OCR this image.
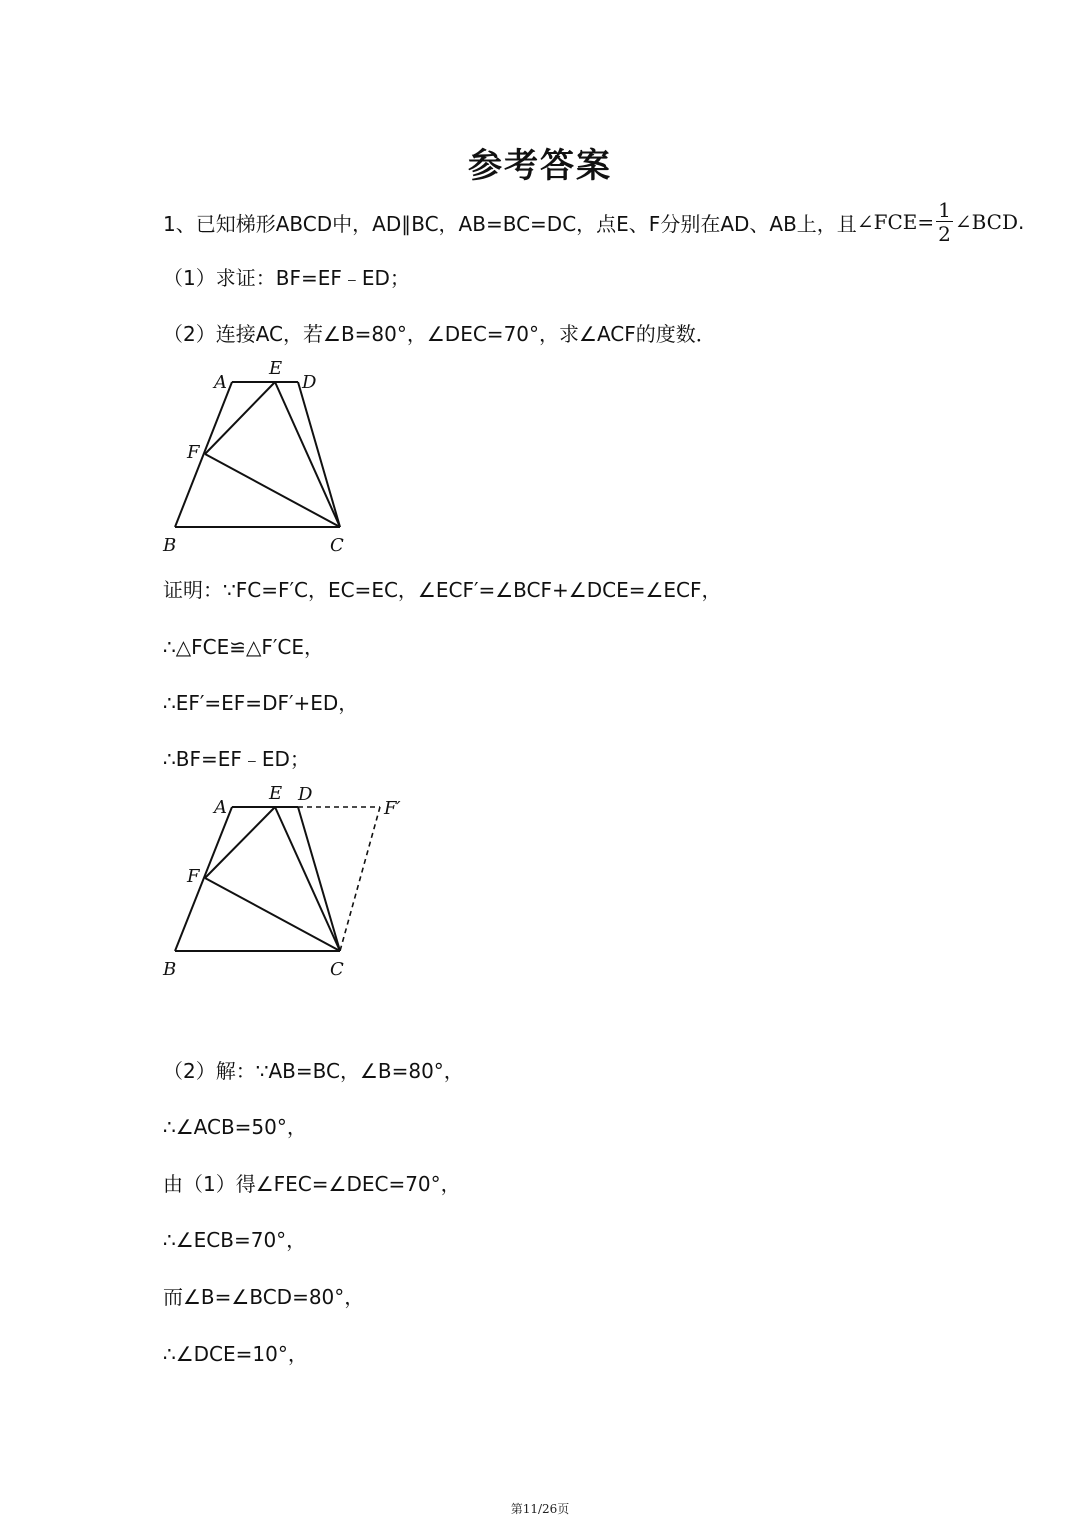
参考答案
1、已知梯形ABCD中，AD∥BC，AB=BC=DC，点E、F分别在AD、AB上，且 ∠FCE= $\frac{1}{2}$ ∠BCD .
（1）求证：BF=EF﹣ED；
（2）连接AC，若∠B=80°，∠DEC=70°，求∠ACF的度数．
A
E
D
F
B	C
证明：∵FC=F′C，EC=EC，∠ECF′=∠BCF+∠DCE=∠ECF，
∴△FCE≌△F′CE，
∴EF′=EF=DF′+ED，
∴BF=EF﹣ED；
A
E D
F′
F
B	C
（2）解：∵AB=BC，∠B=80°，
∴∠ACB=50°，
由（1）得∠FEC=∠DEC=70°，
∴∠ECB=70°，
而∠B=∠BCD=80°，
∴∠DCE=10°，
第11/26页
